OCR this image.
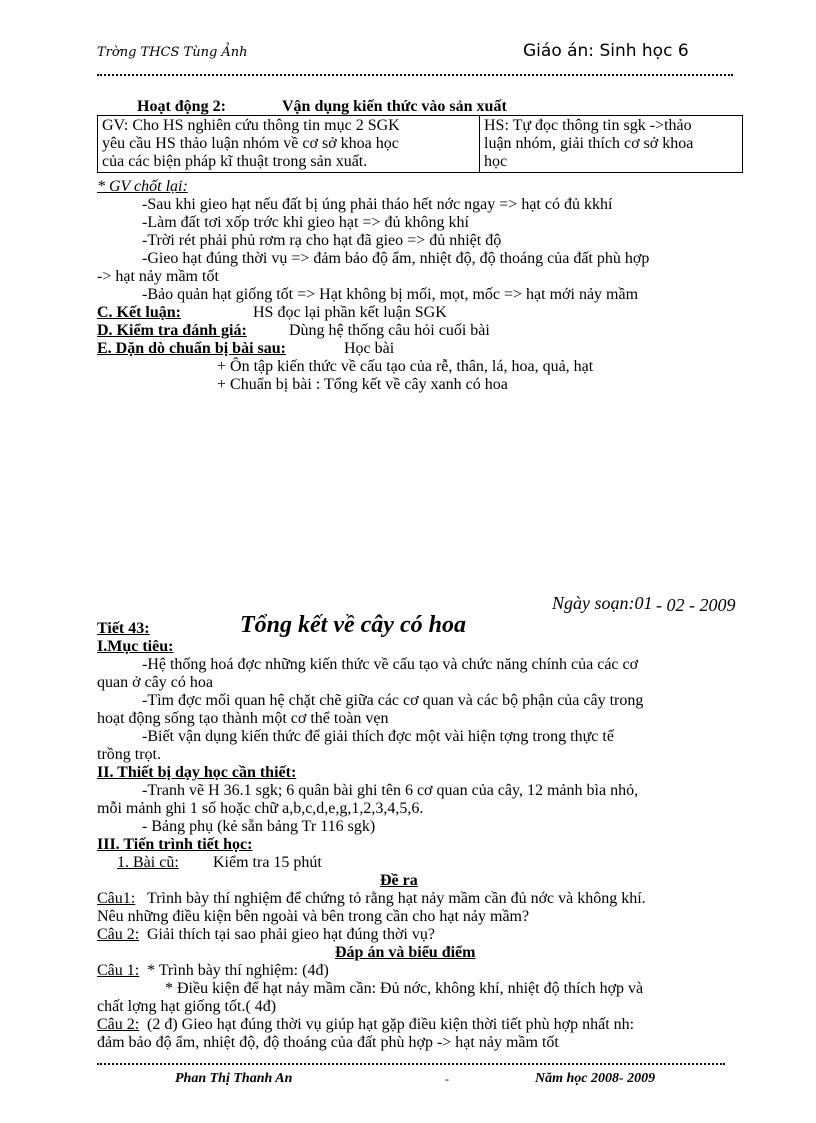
Trờng THCS Tùng Ảnh	Giáo án: Sinh học 6
Hoạt động 2:	Vận dụng kiến thức vào sản xuất
GV: Cho HS nghiên cứu thông tin mục 2 SGK
yêu cầu HS thảo luận nhóm về cơ sở khoa học
của các biện pháp kĩ thuật trong sản xuất.

HS: Tự đọc thông tin sgk ->thảo
luận nhóm, giải thích cơ sở khoa
học
* GV chốt lại:
-Sau khi gieo hạt nếu đất bị úng phải tháo hết nớc ngay => hạt có đủ kkhí
-Làm đất tơi xốp trớc khi gieo hạt => đủ không khí
-Trời rét phải phủ rơm rạ cho hạt đã gieo => đủ nhiệt độ
-Gieo hạt đúng thời vụ => đảm bảo độ ẩm, nhiệt độ, độ thoáng của đất phù hợp
-> hạt nảy mầm tốt
-Bảo quản hạt giống tốt => Hạt không bị mối, mọt, mốc => hạt mới nảy mầm
C. Kết luận:	HS đọc lại phần kết luận SGK
D. Kiểm tra đánh giá:	Dùng hệ thống câu hỏi cuối bài
E. Dặn dò chuẩn bị bài sau:	Học bài
+ Ôn tập kiến thức về cấu tạo của rễ, thân, lá, hoa, quả, hạt
+ Chuẩn bị bài : Tổng kết về cây xanh có hoa
Ngày soạn:01 - 02 - 2009
Tiết 43:	Tổng kết về cây có hoa
I.Mục tiêu:
-Hệ thống hoá đợc những kiến thức về cấu tạo và chức năng chính của các cơ
quan ở cây có hoa
-Tìm đợc mối quan hệ chặt chẽ giữa các cơ quan và các bộ phận của cây trong
hoạt động sống tạo thành một cơ thể toàn vẹn
-Biết vận dụng kiến thức để giải thích đợc một vài hiện tợng trong thực tế
trồng trọt.
II. Thiết bị dạy học cần thiết:
-Tranh vẽ H 36.1 sgk; 6 quân bài ghi tên 6 cơ quan của cây, 12 mảnh bìa nhỏ,
mỗi mảnh ghi 1 số hoặc chữ a,b,c,d,e,g,1,2,3,4,5,6.
- Bảng phụ (kẻ sẵn bảng Tr 116 sgk)
III. Tiến trình tiết học:
1. Bài cũ: Kiểm tra 15 phút
Đề ra
Câu1: Trình bày thí nghiệm để chứng tỏ rằng hạt nảy mầm cần đủ nớc và không khí.
Nêu những điều kiện bên ngoài và bên trong cần cho hạt nảy mầm?
Câu 2: Giải thích tại sao phải gieo hạt đúng thời vụ?
Đáp án và biểu điểm
Câu 1: * Trình bày thí nghiệm: (4đ)
* Điều kiện để hạt nảy mầm cần: Đủ nớc, không khí, nhiệt độ thích hợp và
chất lợng hạt giống tốt.( 4đ)
Câu 2: (2 đ) Gieo hạt đúng thời vụ giúp hạt gặp điều kiện thời tiết phù hợp nhất nh:
đảm bảo độ ẩm, nhiệt độ, độ thoáng của đất phù hợp -> hạt nảy mầm tốt
Phan Thị Thanh An	-	Năm học 2008- 2009
